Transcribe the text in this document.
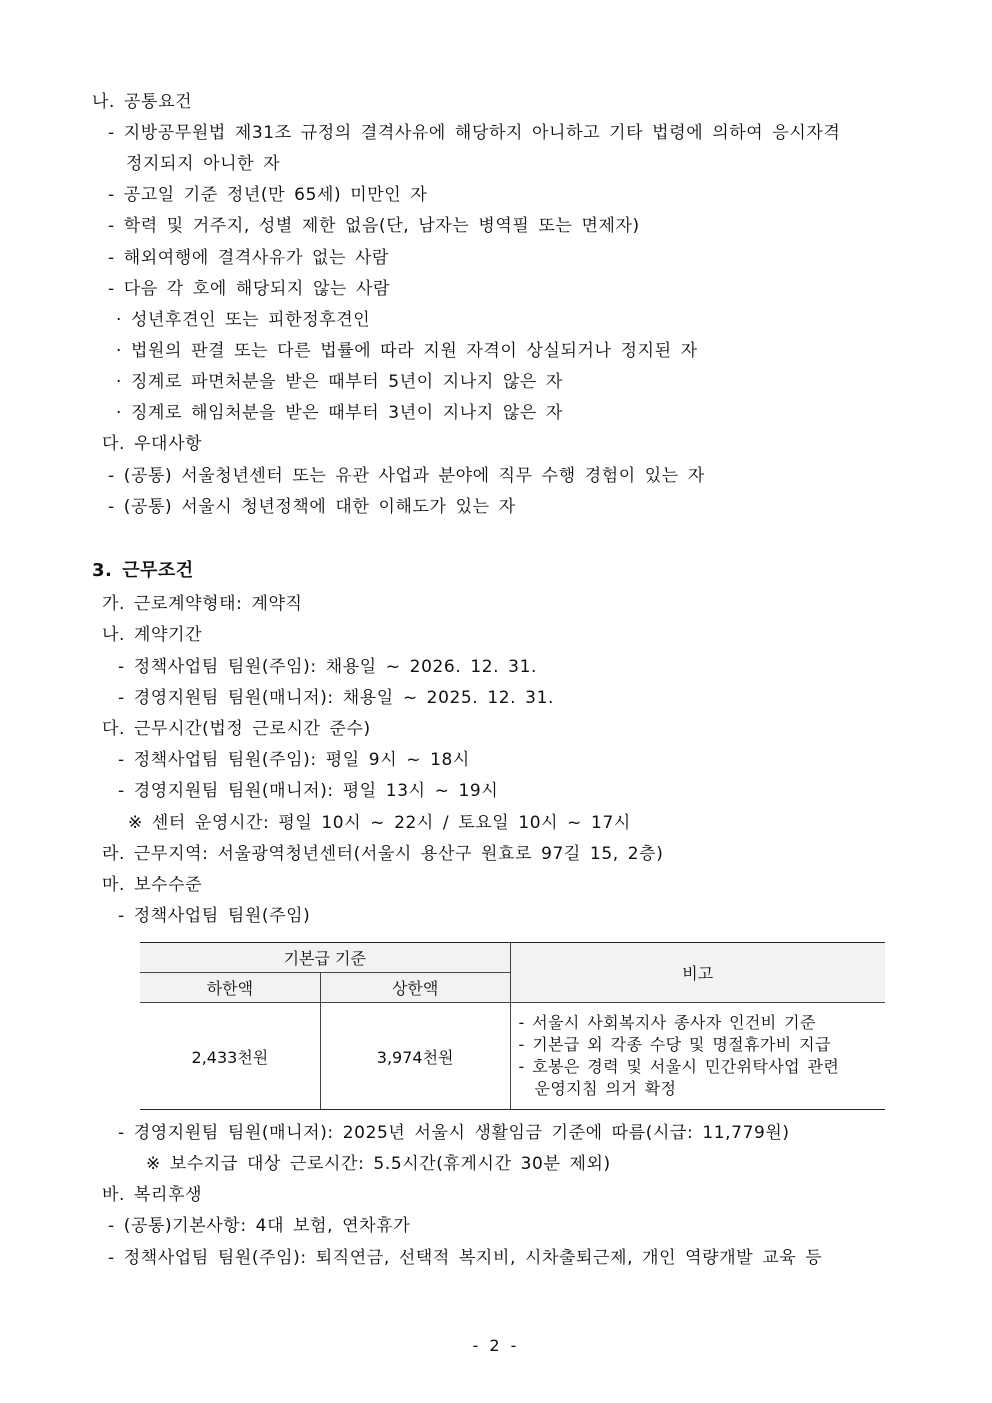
나. 공통요건
- 지방공무원법 제31조 규정의 결격사유에 해당하지 아니하고 기타 법령에 의하여 응시자격
정지되지 아니한 자
- 공고일 기준 정년(만 65세) 미만인 자
- 학력 및 거주지, 성별 제한 없음(단, 남자는 병역필 또는 면제자)
- 해외여행에 결격사유가 없는 사람
- 다음 각 호에 해당되지 않는 사람
· 성년후견인 또는 피한정후견인
· 법원의 판결 또는 다른 법률에 따라 지원 자격이 상실되거나 정지된 자
· 징계로 파면처분을 받은 때부터 5년이 지나지 않은 자
· 징계로 해임처분을 받은 때부터 3년이 지나지 않은 자
다. 우대사항
- (공통) 서울청년센터 또는 유관 사업과 분야에 직무 수행 경험이 있는 자
- (공통) 서울시 청년정책에 대한 이해도가 있는 자
3. 근무조건
가. 근로계약형태: 계약직
나. 계약기간
- 정책사업팀 팀원(주임): 채용일 ~ 2026. 12. 31.
- 경영지원팀 팀원(매니저): 채용일 ~ 2025. 12. 31.
다. 근무시간(법정 근로시간 준수)
- 정책사업팀 팀원(주임): 평일 9시 ~ 18시
- 경영지원팀 팀원(매니저): 평일 13시 ~ 19시
※ 센터 운영시간: 평일 10시 ~ 22시 / 토요일 10시 ~ 17시
라. 근무지역: 서울광역청년센터(서울시 용산구 원효로 97길 15, 2층)
마. 보수수준
- 정책사업팀 팀원(주임)
기본급 기준		비고
하한액	상한액	
2,433천원	3,974천원	- 서울시 사회복지사 종사자 인건비 기준
- 기본급 외 각종 수당 및 명절휴가비 지급
- 호봉은 경력 및 서울시 민간위탁사업 관련
운영지침 의거 확정
- 경영지원팀 팀원(매니저): 2025년 서울시 생활임금 기준에 따름(시급: 11,779원)
※ 보수지급 대상 근로시간: 5.5시간(휴게시간 30분 제외)
바. 복리후생
- (공통)기본사항: 4대 보험, 연차휴가
- 정책사업팀 팀원(주임): 퇴직연금, 선택적 복지비, 시차출퇴근제, 개인 역량개발 교육 등
- 2 -
